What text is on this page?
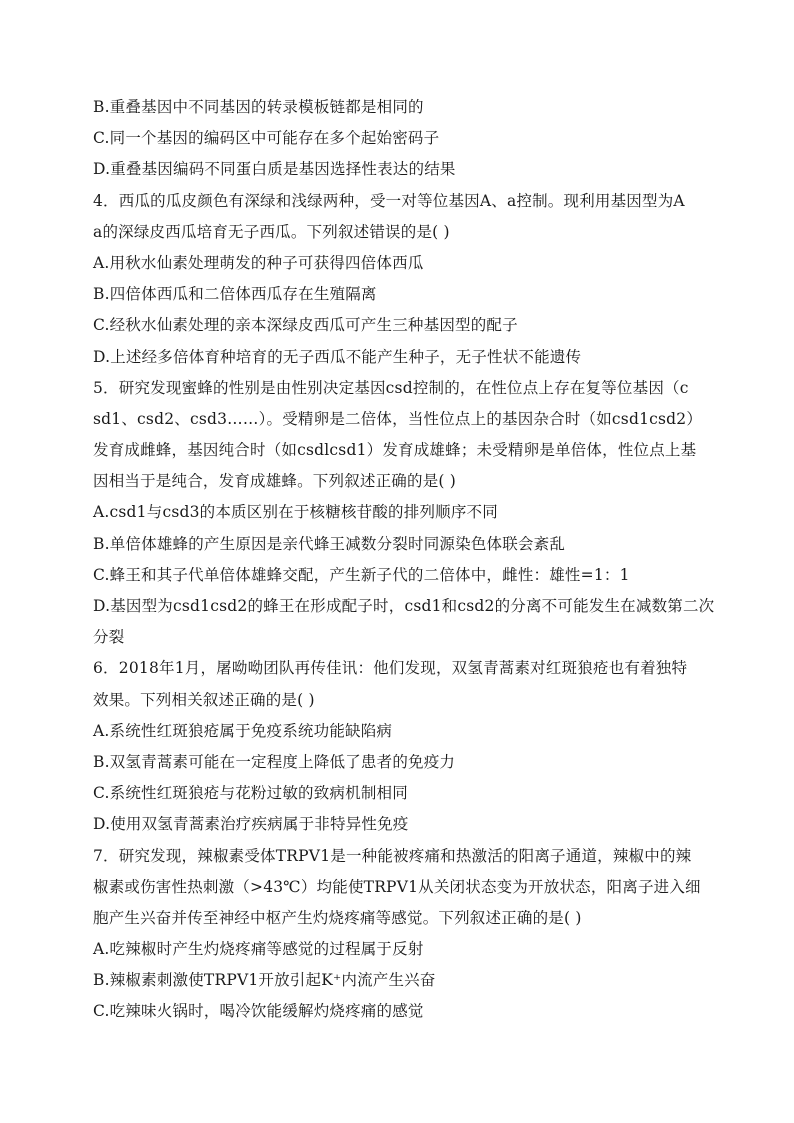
B.重叠基因中不同基因的转录模板链都是相同的
C.同一个基因的编码区中可能存在多个起始密码子
D.重叠基因编码不同蛋白质是基因选择性表达的结果
4．西瓜的瓜皮颜色有深绿和浅绿两种，受一对等位基因A、a控制。现利用基因型为A
a的深绿皮西瓜培育无子西瓜。下列叙述错误的是( )
A.用秋水仙素处理萌发的种子可获得四倍体西瓜
B.四倍体西瓜和二倍体西瓜存在生殖隔离
C.经秋水仙素处理的亲本深绿皮西瓜可产生三种基因型的配子
D.上述经多倍体育种培育的无子西瓜不能产生种子，无子性状不能遗传
5．研究发现蜜蜂的性别是由性别决定基因csd控制的，在性位点上存在复等位基因（c
sd1、csd2、csd3……）。受精卵是二倍体，当性位点上的基因杂合时（如csd1csd2）
发育成雌蜂，基因纯合时（如csdlcsd1）发育成雄蜂；未受精卵是单倍体，性位点上基
因相当于是纯合，发育成雄蜂。下列叙述正确的是( )
A.csd1与csd3的本质区别在于核糖核苷酸的排列顺序不同
B.单倍体雄蜂的产生原因是亲代蜂王减数分裂时同源染色体联会紊乱
C.蜂王和其子代单倍体雄蜂交配，产生新子代的二倍体中，雌性：雄性=1：1
D.基因型为csd1csd2的蜂王在形成配子时，csd1和csd2的分离不可能发生在减数第二次
分裂
6．2018年1月，屠呦呦团队再传佳讯：他们发现，双氢青蒿素对红斑狼疮也有着独特
效果。下列相关叙述正确的是( )
A.系统性红斑狼疮属于免疫系统功能缺陷病
B.双氢青蒿素可能在一定程度上降低了患者的免疫力
C.系统性红斑狼疮与花粉过敏的致病机制相同
D.使用双氢青蒿素治疗疾病属于非特异性免疫
7．研究发现，辣椒素受体TRPV1是一种能被疼痛和热激活的阳离子通道，辣椒中的辣
椒素或伤害性热刺激（>43℃）均能使TRPV1从关闭状态变为开放状态，阳离子进入细
胞产生兴奋并传至神经中枢产生灼烧疼痛等感觉。下列叙述正确的是( )
A.吃辣椒时产生灼烧疼痛等感觉的过程属于反射
B.辣椒素刺激使TRPV1开放引起K⁺内流产生兴奋
C.吃辣味火锅时，喝冷饮能缓解灼烧疼痛的感觉
